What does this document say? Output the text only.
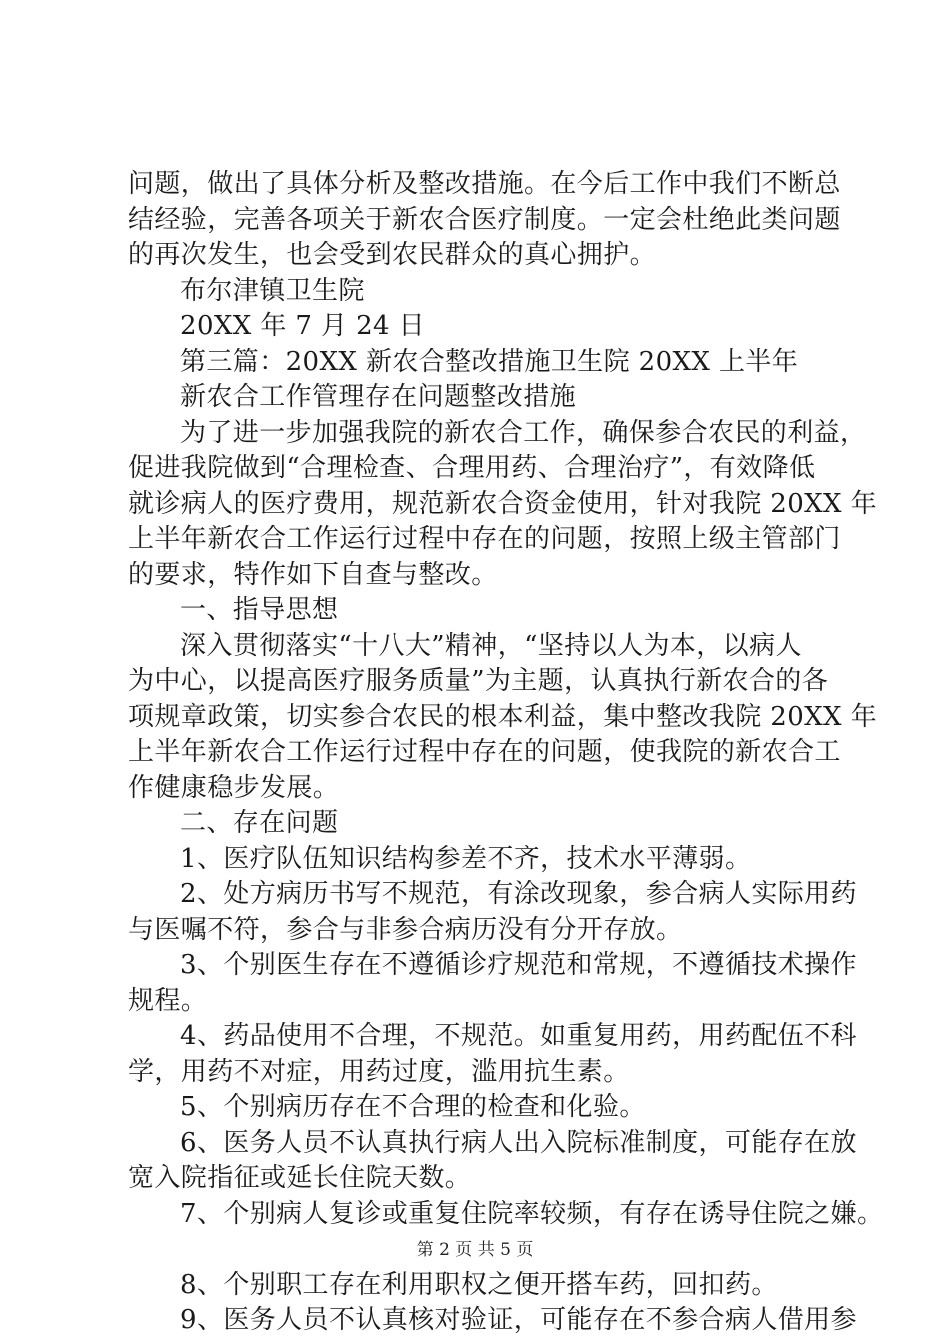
问题，做出了具体分析及整改措施。在今后工作中我们不断总
结经验，完善各项关于新农合医疗制度。一定会杜绝此类问题
的再次发生，也会受到农民群众的真心拥护。
布尔津镇卫生院
20XX 年 7 月 24 日
第三篇：20XX 新农合整改措施卫生院 20XX 上半年
新农合工作管理存在问题整改措施
为了进一步加强我院的新农合工作，确保参合农民的利益，
促进我院做到“合理检查、合理用药、合理治疗”，有效降低
就诊病人的医疗费用，规范新农合资金使用，针对我院 20XX 年
上半年新农合工作运行过程中存在的问题，按照上级主管部门
的要求，特作如下自查与整改。
一、指导思想
深入贯彻落实“十八大”精神，“坚持以人为本，以病人
为中心，以提高医疗服务质量”为主题，认真执行新农合的各
项规章政策，切实参合农民的根本利益，集中整改我院 20XX 年
上半年新农合工作运行过程中存在的问题，使我院的新农合工
作健康稳步发展。
二、存在问题
1、医疗队伍知识结构参差不齐，技术水平薄弱。
2、处方病历书写不规范，有涂改现象，参合病人实际用药
与医嘱不符，参合与非参合病历没有分开存放。
3、个别医生存在不遵循诊疗规范和常规，不遵循技术操作
规程。
4、药品使用不合理，不规范。如重复用药，用药配伍不科
学，用药不对症，用药过度，滥用抗生素。
5、个别病历存在不合理的检查和化验。
6、医务人员不认真执行病人出入院标准制度，可能存在放
宽入院指征或延长住院天数。
7、个别病人复诊或重复住院率较频，有存在诱导住院之嫌。
8、个别职工存在利用职权之便开搭车药，回扣药。
9、医务人员不认真核对验证，可能存在不参合病人借用参
第 2 页 共 5 页
